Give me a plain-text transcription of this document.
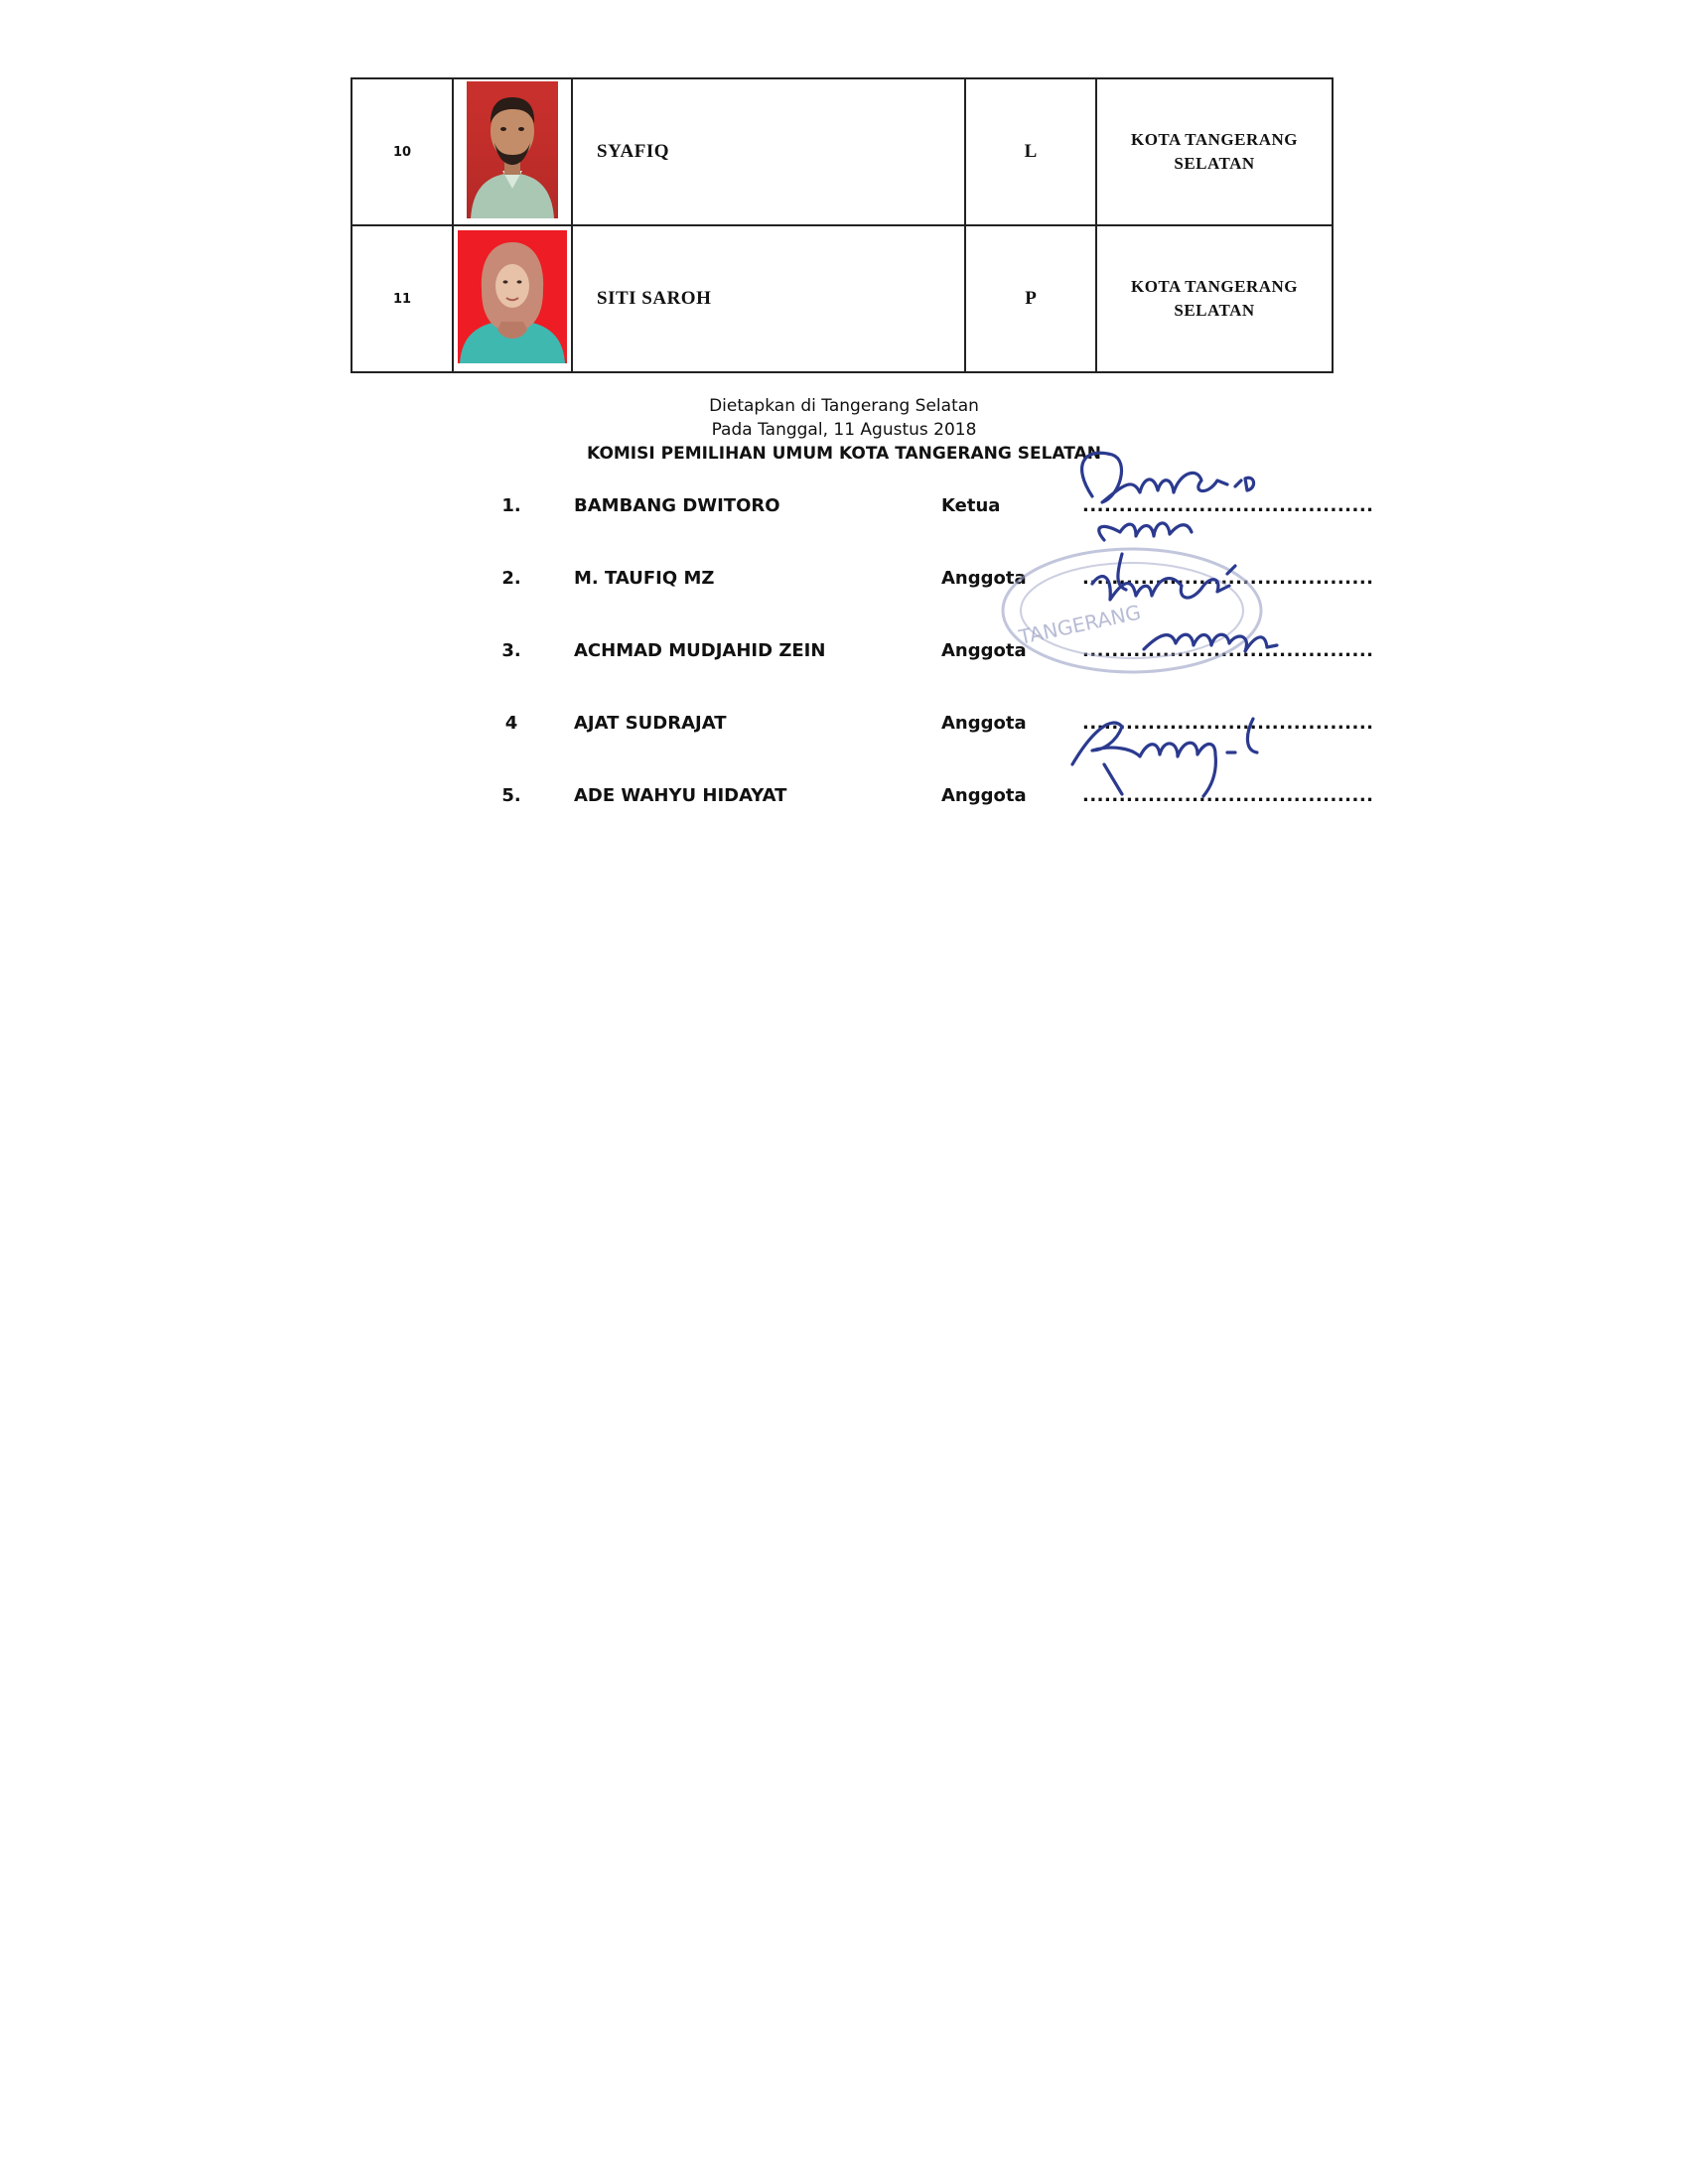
10		SYAFIQ	L	KOTA TANGERANG
SELATAN

11		SITI SAROH	P	KOTA TANGERANG
SELATAN
Dietapkan di Tangerang Selatan
Pada Tanggal, 11 Agustus 2018
KOMISI PEMILIHAN UMUM KOTA TANGERANG SELATAN
1.	BAMBANG DWITORO	Ketua	........................................
2.	M. TAUFIQ MZ	Anggota	........................................
3.	ACHMAD MUDJAHID ZEIN	Anggota	........................................
4	AJAT SUDRAJAT	Anggota	........................................
5.	ADE WAHYU HIDAYAT	Anggota	........................................
TANGERANG
